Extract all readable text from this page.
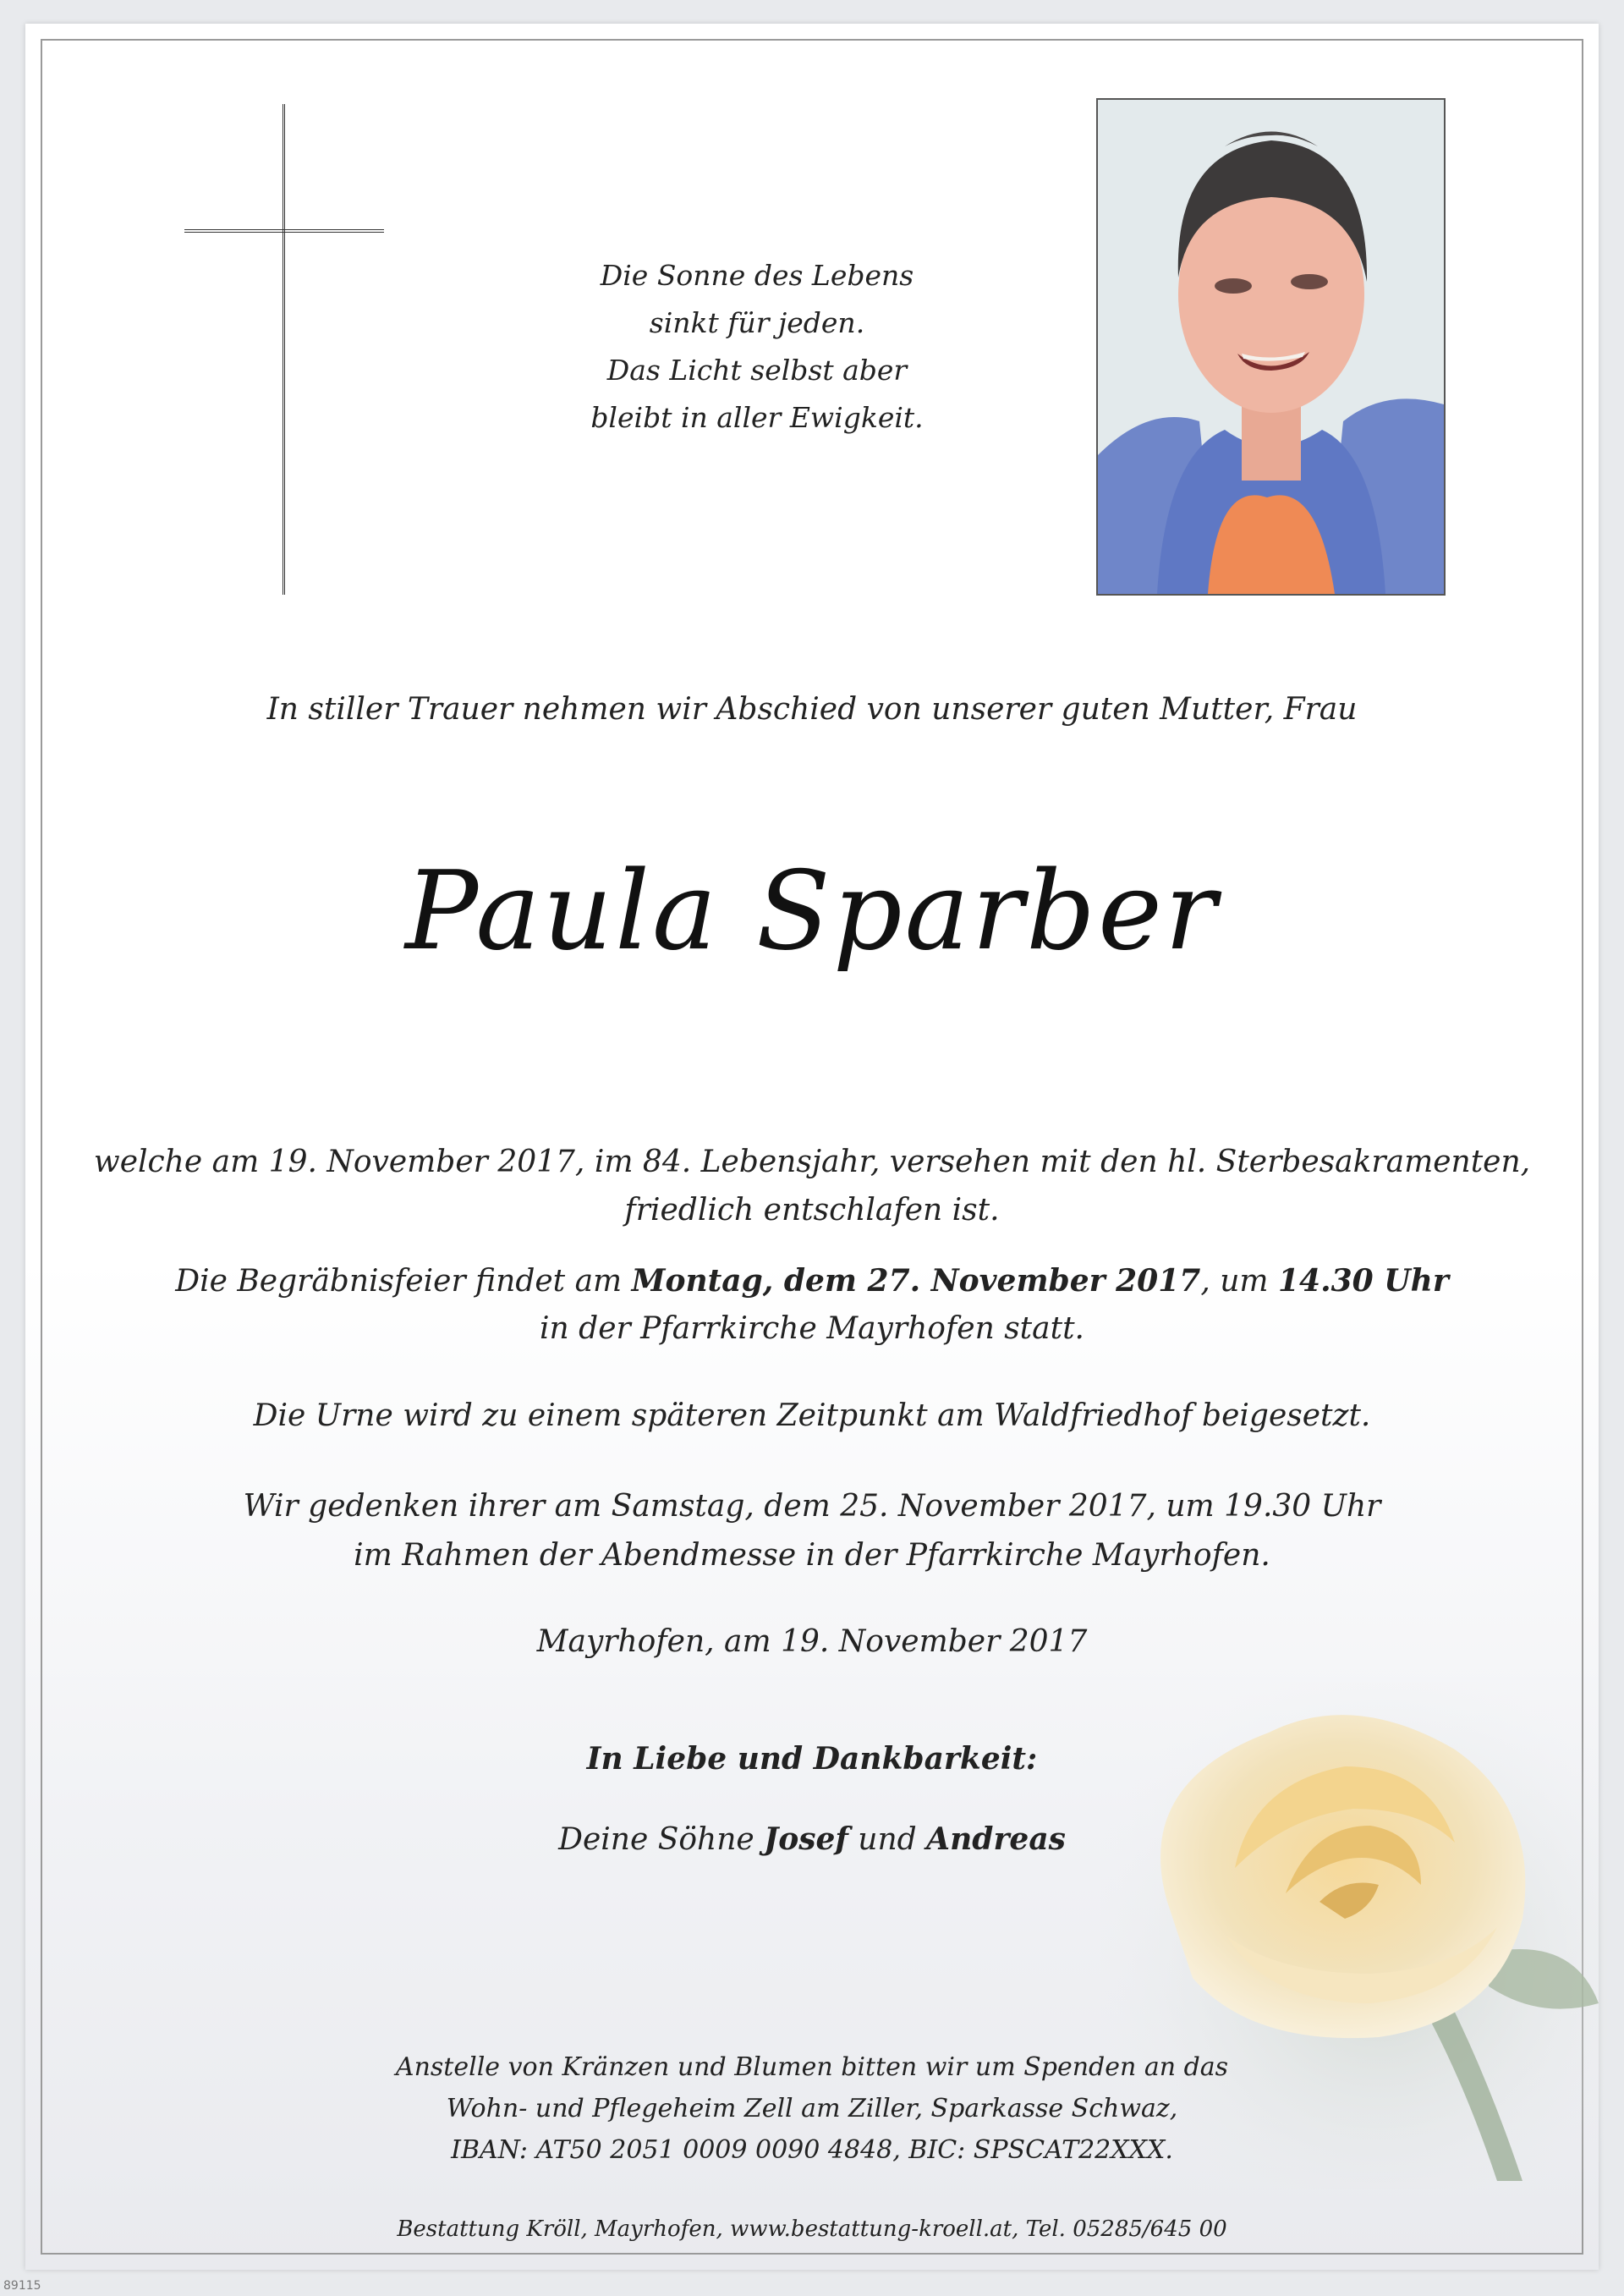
Die Sonne des Lebens
sinkt für jeden.
Das Licht selbst aber
bleibt in aller Ewigkeit.
In stiller Trauer nehmen wir Abschied von unserer guten Mutter, Frau
Paula Sparber
welche am 19. November 2017, im 84. Lebensjahr, versehen mit den hl. Sterbesakramenten,
friedlich entschlafen ist.
Die Begräbnisfeier findet am Montag, dem 27. November 2017, um 14.30 Uhr
in der Pfarrkirche Mayrhofen statt.
Die Urne wird zu einem späteren Zeitpunkt am Waldfriedhof beigesetzt.
Wir gedenken ihrer am Samstag, dem 25. November 2017, um 19.30 Uhr
im Rahmen der Abendmesse in der Pfarrkirche Mayrhofen.
Mayrhofen, am 19. November 2017
In Liebe und Dankbarkeit:
Deine Söhne Josef und Andreas
Anstelle von Kränzen und Blumen bitten wir um Spenden an das
Wohn- und Pflegeheim Zell am Ziller, Sparkasse Schwaz,
IBAN: AT50 2051 0009 0090 4848, BIC: SPSCAT22XXX.
Bestattung Kröll, Mayrhofen, www.bestattung-kroell.at, Tel. 05285/645 00
89115
